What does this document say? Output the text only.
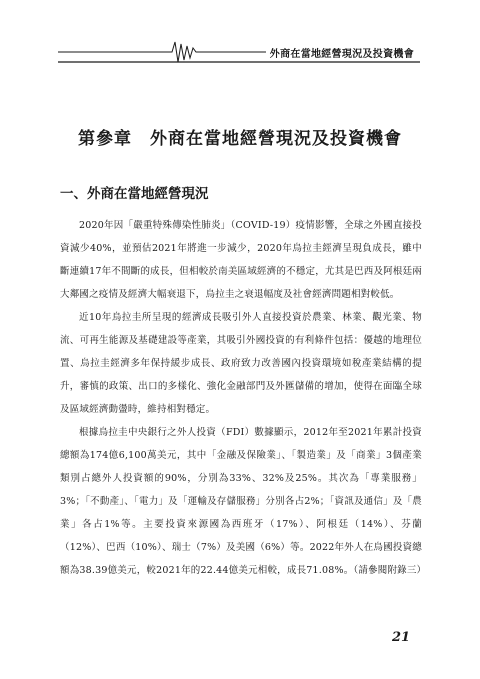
外商在當地經營現況及投資機會
第參章　外商在當地經營現況及投資機會
一、外商在當地經營現況

2020年因「嚴重特殊傳染性肺炎」（COVID-19）疫情影響，全球之外國直接投資減少40%，並預估2021年將進一步減少，2020年烏拉圭經濟呈現負成長，雖中斷連續17年不間斷的成長，但相較於南美區域經濟的不穩定，尤其是巴西及阿根廷兩大鄰國之疫情及經濟大幅衰退下，烏拉圭之衰退幅度及社會經濟問題相對較低。

近10年烏拉圭所呈現的經濟成長吸引外人直接投資於農業、林業、觀光業、物流、可再生能源及基礎建設等產業，其吸引外國投資的有利條件包括：優越的地理位置、烏拉圭經濟多年保持緩步成長、政府致力改善國內投資環境如稅產業結構的提升，審慎的政策、出口的多樣化、強化金融部門及外匯儲備的增加，使得在面臨全球及區域經濟動盪時，維持相對穩定。

根據烏拉圭中央銀行之外人投資（FDI）數據顯示，2012年至2021年累計投資總額為174億6,100萬美元，其中「金融及保險業」、「製造業」及「商業」3個產業類別占總外人投資額的90%，分別為33%、32%及25%。其次為「專業服務」3%；「不動產」、「電力」及「運輸及存儲服務」分別各占2%；「資訊及通信」及「農業」各占1%等。主要投資來源國為西班牙（17%）、阿根廷（14%）、芬蘭（12%）、巴西（10%）、瑞士（7%）及美國（6%）等。2022年外人在烏國投資總額為38.39億美元，較2021年的22.44億美元相較，成長71.08%。（請參閱附錄三）

21
